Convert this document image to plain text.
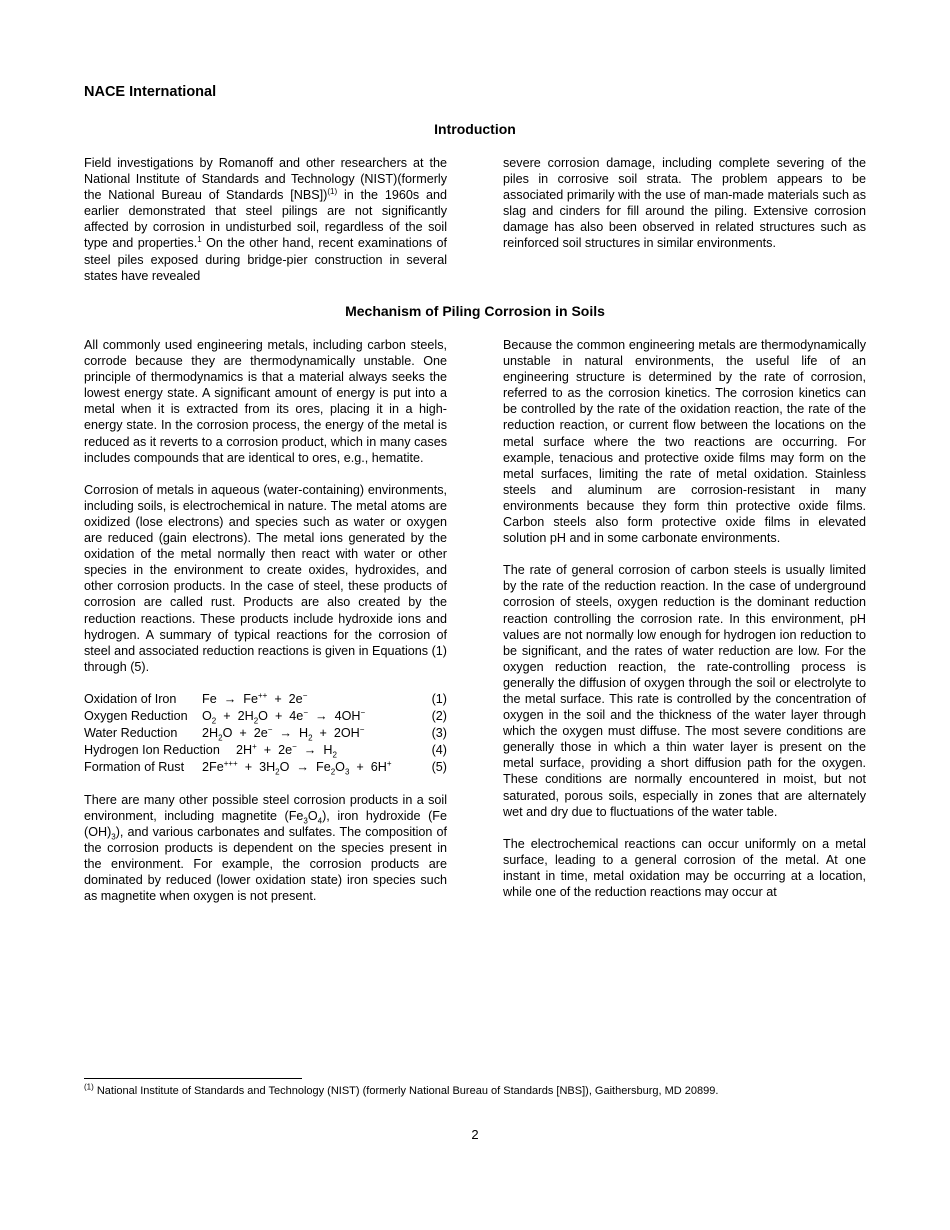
NACE International
Introduction

Field investigations by Romanoff and other researchers at the National Institute of Standards and Technology (NIST)(formerly the National Bureau of Standards [NBS])$^{(1)}$ in the 1960s and earlier demonstrated that steel pilings are not significantly affected by corrosion in undisturbed soil, regardless of the soil type and properties.$^1$ On the other hand, recent examinations of steel piles exposed during bridge-pier construction in several states have revealed

severe corrosion damage, including complete severing of the piles in corrosive soil strata. The problem appears to be associated primarily with the use of man-made materials such as slag and cinders for fill around the piling. Extensive corrosion damage has also been observed in related structures such as reinforced soil structures in similar environments.

Mechanism of Piling Corrosion in Soils

All commonly used engineering metals, including carbon steels, corrode because they are thermodynamically unstable. One principle of thermodynamics is that a material always seeks the lowest energy state. A significant amount of energy is put into a metal when it is extracted from its ores, placing it in a high-energy state. In the corrosion process, the energy of the metal is reduced as it reverts to a corrosion product, which in many cases includes compounds that are identical to ores, e.g., hematite.

Corrosion of metals in aqueous (water-containing) environments, including soils, is electrochemical in nature. The metal atoms are oxidized (lose electrons) and species such as water or oxygen are reduced (gain electrons). The metal ions generated by the oxidation of the metal normally then react with water or other species in the environment to create oxides, hydroxides, and other corrosion products. In the case of steel, these products of corrosion are called rust. Products are also created by the reduction reactions. These products include hydroxide ions and hydrogen. A summary of typical reactions for the corrosion of steel and associated reduction reactions is given in Equations (1) through (5).

Oxidation of Iron Fe  →  Fe++  +  2e−	(1)
Oxygen Reduction $O_2 + 2H_2O + 4e^- \to 4OH^-$	(2)
Water Reduction $2H_2O + 2e^- \to H_2 + 2OH^-$	(3)
Hydrogen Ion Reduction $2H^+ + 2e^- \to H_2$	(4)
Formation of Rust $2Fe^{+++} + 3H_2O \to Fe_2O_3 + 6H^+$	(5)

There are many other possible steel corrosion products in a soil environment, including magnetite $(Fe_3O_4)$, iron hydroxide (Fe $(OH)_3$), and various carbonates and sulfates. The composition of the corrosion products is dependent on the species present in the environment. For example, the corrosion products are dominated by reduced (lower oxidation state) iron species such as magnetite when oxygen is not present.

Because the common engineering metals are thermodynamically unstable in natural environments, the useful life of an engineering structure is determined by the rate of corrosion, referred to as the corrosion kinetics. The corrosion kinetics can be controlled by the rate of the oxidation reaction, the rate of the reduction reaction, or current flow between the locations on the metal surface where the two reactions are occurring. For example, tenacious and protective oxide films may form on the metal surfaces, limiting the rate of metal oxidation. Stainless steels and aluminum are corrosion-resistant in many environments because they form thin protective oxide films. Carbon steels also form protective oxide films in elevated solution pH and in some carbonate environments.

The rate of general corrosion of carbon steels is usually limited by the rate of the reduction reaction. In the case of underground corrosion of steels, oxygen reduction is the dominant reduction reaction controlling the corrosion rate. In this environment, pH values are not normally low enough for hydrogen ion reduction to be significant, and the rates of water reduction are low. For the oxygen reduction reaction, the rate-controlling process is generally the diffusion of oxygen through the soil or electrolyte to the metal surface. This rate is controlled by the concentration of oxygen in the soil and the thickness of the water layer through which the oxygen must diffuse. The most severe conditions are generally those in which a thin water layer is present on the metal surface, providing a short diffusion path for the oxygen. These conditions are normally encountered in moist, but not saturated, porous soils, especially in zones that are alternately wet and dry due to fluctuations of the water table.

The electrochemical reactions can occur uniformly on a metal surface, leading to a general corrosion of the metal. At one instant in time, metal oxidation may be occurring at a location, while one of the reduction reactions may occur at

$^{(1)}$ National Institute of Standards and Technology (NIST) (formerly National Bureau of Standards [NBS]), Gaithersburg, MD 20899.
2
